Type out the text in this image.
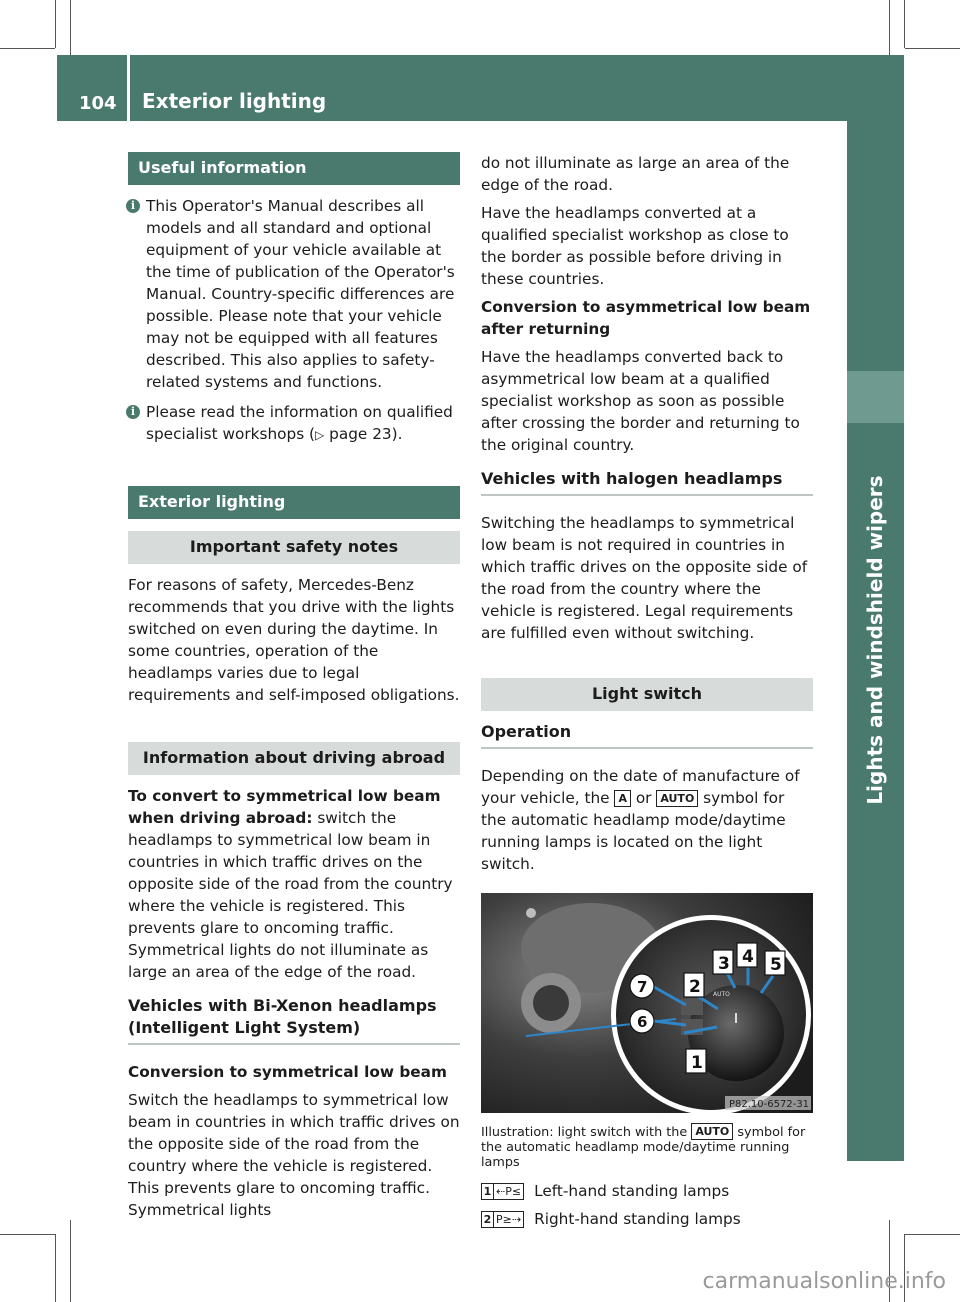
104 Exterior lighting
Lights and windshield wipers
Useful information

i This Operator's Manual describes all models and all standard and optional equipment of your vehicle available at the time of publication of the Operator's Manual. Country-specific differences are possible. Please note that your vehicle may not be equipped with all features described. This also applies to safety-related systems and functions.

i Please read the information on qualified specialist workshops (▷ page 23).

Exterior lighting
Important safety notes

For reasons of safety, Mercedes-Benz recommends that you drive with the lights switched on even during the daytime. In some countries, operation of the headlamps varies due to legal requirements and self-imposed obligations.

Information about driving abroad

To convert to symmetrical low beam when driving abroad: switch the headlamps to symmetrical low beam in countries in which traffic drives on the opposite side of the road from the country where the vehicle is registered. This prevents glare to oncoming traffic. Symmetrical lights do not illuminate as large an area of the edge of the road.

Vehicles with Bi-Xenon headlamps (Intelligent Light System)

Conversion to symmetrical low beam

Switch the headlamps to symmetrical low beam in countries in which traffic drives on the opposite side of the road from the country where the vehicle is registered. This prevents glare to oncoming traffic. Symmetrical lights

do not illuminate as large an area of the edge of the road.

Have the headlamps converted at a qualified specialist workshop as close to the border as possible before driving in these countries.

Conversion to asymmetrical low beam after returning

Have the headlamps converted back to asymmetrical low beam at a qualified specialist workshop as soon as possible after crossing the border and returning to the original country.

Vehicles with halogen headlamps

Switching the headlamps to symmetrical low beam is not required in countries in which traffic drives on the opposite side of the road from the country where the vehicle is registered. Legal requirements are fulfilled even without switching.

Light switch
Operation

Depending on the date of manufacture of your vehicle, the A or AUTO symbol for the automatic headlamp mode/daytime running lamps is located on the light switch.

AUTO
1
2
3 4 5
6
7
P82.10-6572-31

Illustration: light switch with the AUTO symbol for the automatic headlamp mode/daytime running lamps

1 ⇠P≤ Left-hand standing lamps
2 P≥⇢ Right-hand standing lamps
carmanualsonline.info
